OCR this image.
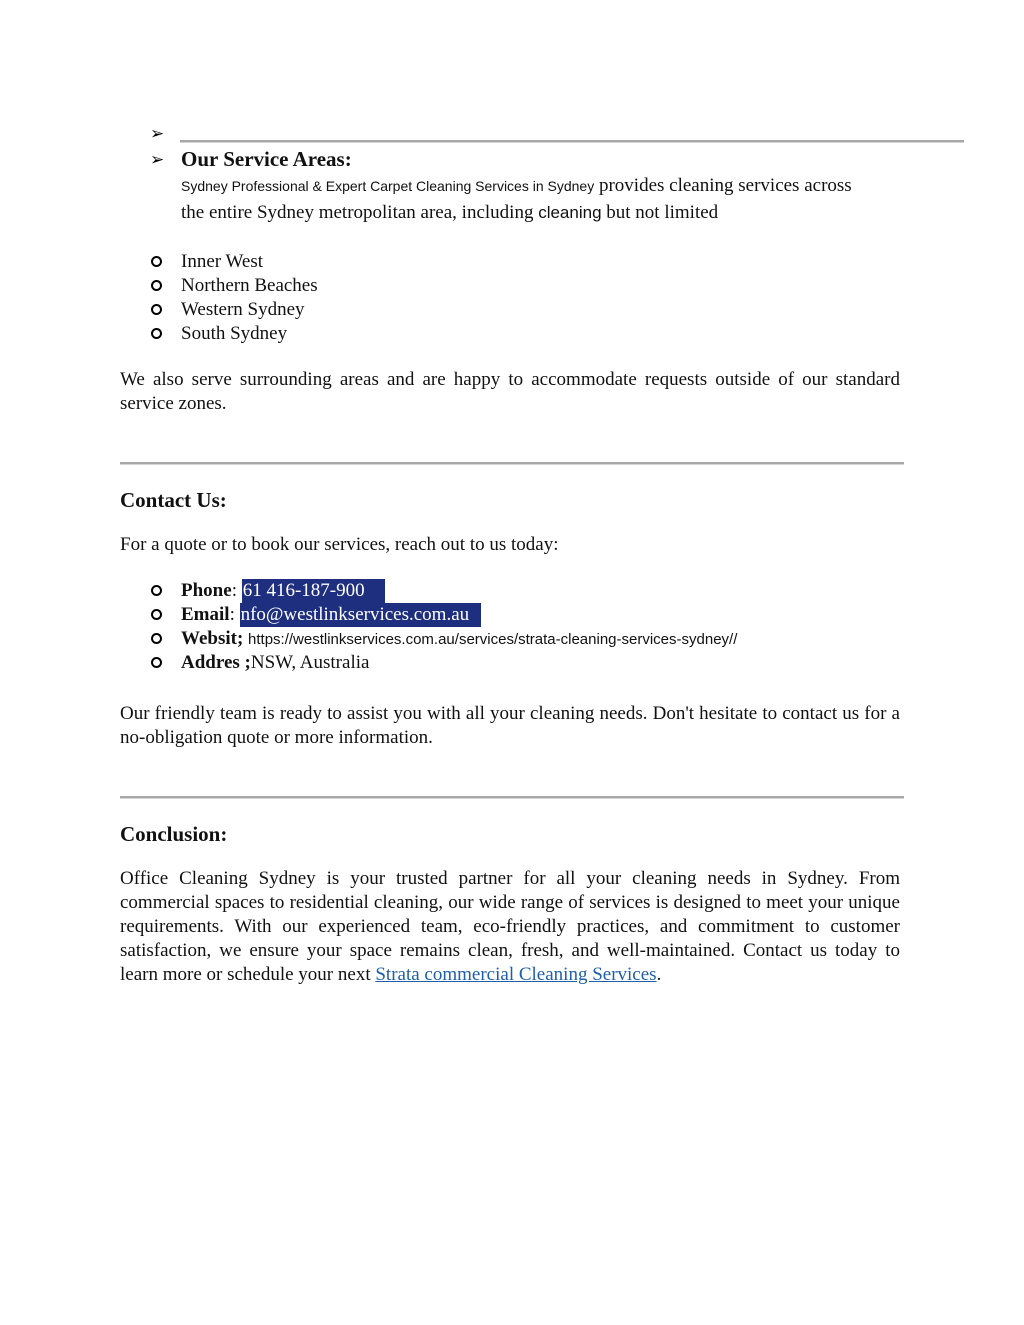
➢
➢ Our Service Areas:
Sydney Professional & Expert Carpet Cleaning Services in Sydney provides cleaning services across
the entire Sydney metropolitan area, including cleaning but not limited
Inner West
Northern Beaches
Western Sydney
South Sydney
We also serve surrounding areas and are happy to accommodate requests outside of our standard service zones.
Contact Us:
For a quote or to book our services, reach out to us today:
Phone: 61 416-187-900
Email: nfo@westlinkservices.com.au
Websit; https://westlinkservices.com.au/services/strata-cleaning-services-sydney//
Addres ;NSW, Australia
Our friendly team is ready to assist you with all your cleaning needs. Don't hesitate to contact us for a no-obligation quote or more information.
Conclusion:
Office Cleaning Sydney is your trusted partner for all your cleaning needs in Sydney. From commercial spaces to residential cleaning, our wide range of services is designed to meet your unique requirements. With our experienced team, eco-friendly practices, and commitment to customer satisfaction, we ensure your space remains clean, fresh, and well-maintained. Contact us today to learn more or schedule your next Strata commercial Cleaning Services.
